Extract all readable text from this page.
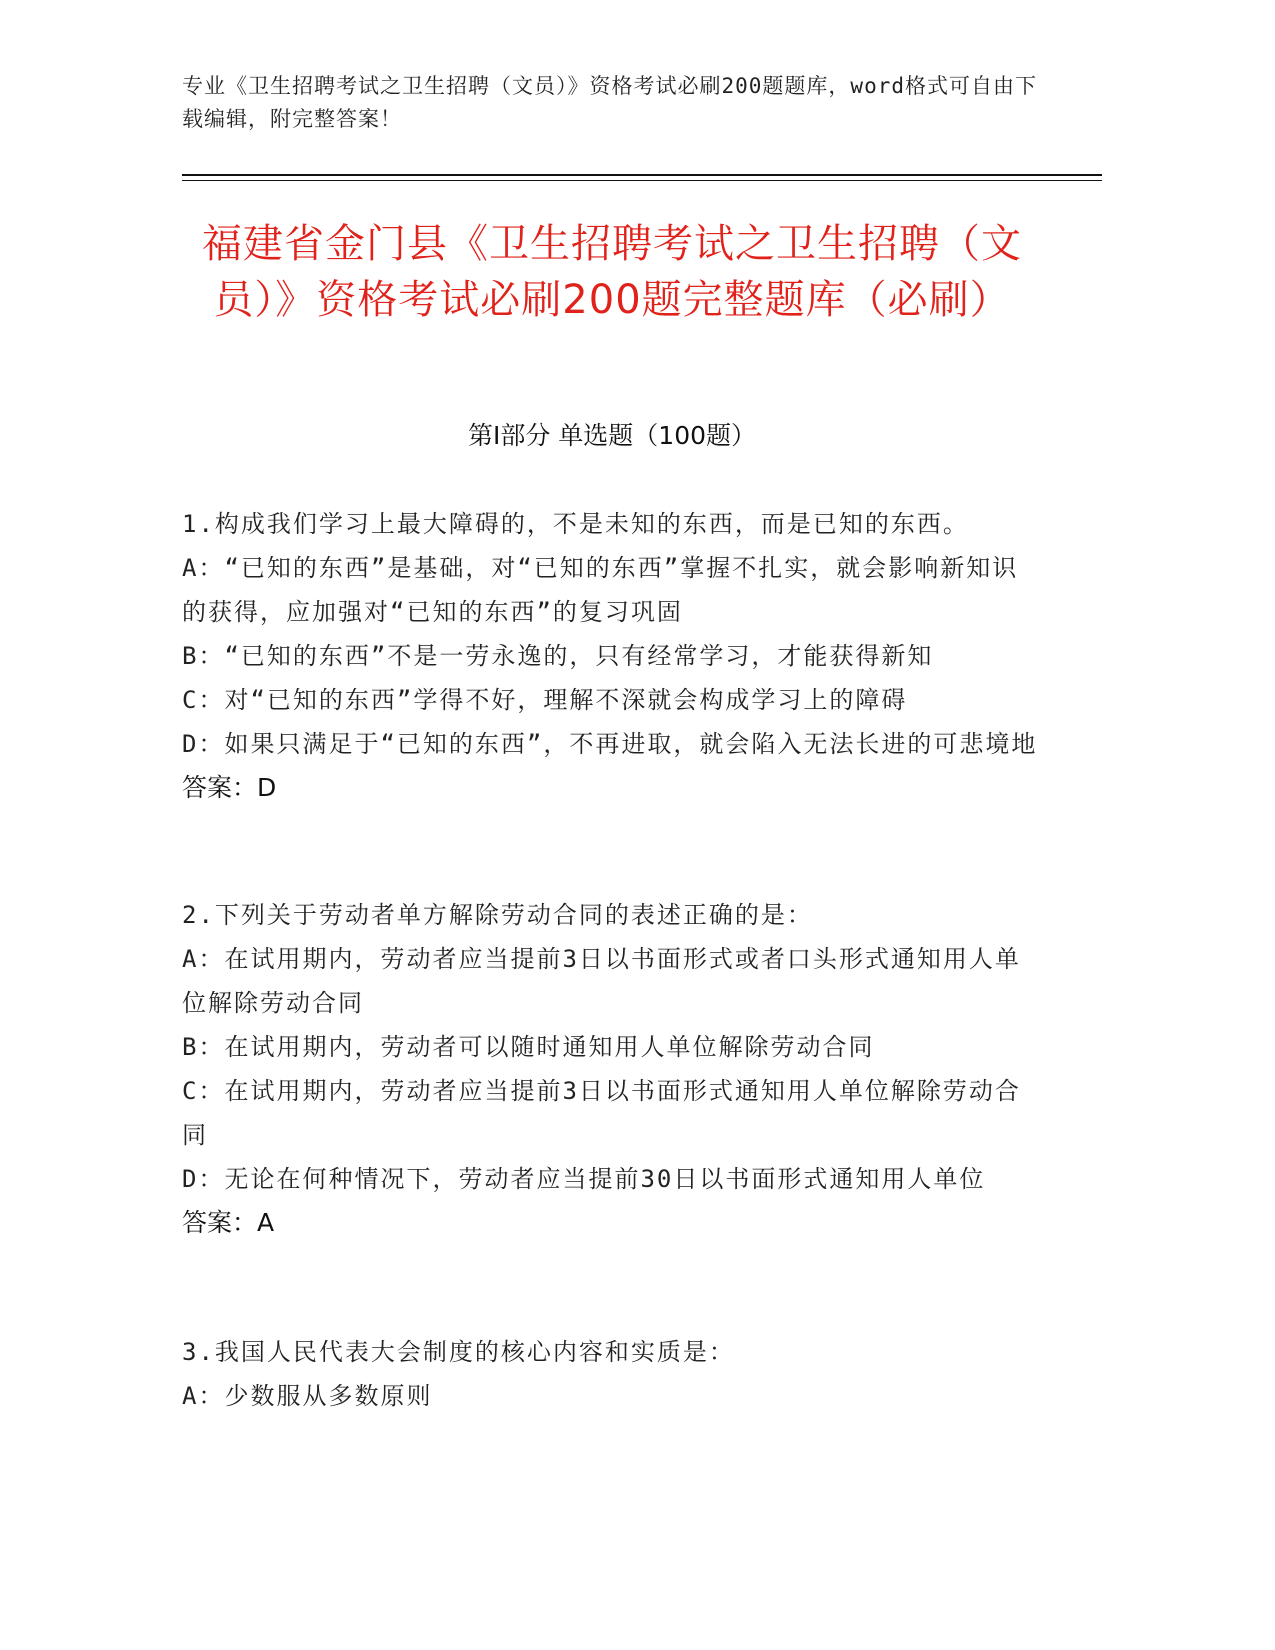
专业《卫生招聘考试之卫生招聘（文员）》资格考试必刷200题题库，word格式可自由下载编辑，附完整答案！
福建省金门县《卫生招聘考试之卫生招聘（文员）》资格考试必刷200题完整题库（必刷）
第I部分 单选题（100题）

1.构成我们学习上最大障碍的，不是未知的东西，而是已知的东西。

A：“已知的东西”是基础，对“已知的东西”掌握不扎实，就会影响新知识的获得，应加强对“已知的东西”的复习巩固

B：“已知的东西”不是一劳永逸的，只有经常学习，才能获得新知

C：对“已知的东西”学得不好，理解不深就会构成学习上的障碍

D：如果只满足于“已知的东西”，不再进取，就会陷入无法长进的可悲境地

答案：D

2.下列关于劳动者单方解除劳动合同的表述正确的是：

A：在试用期内，劳动者应当提前3日以书面形式或者口头形式通知用人单位解除劳动合同

B：在试用期内，劳动者可以随时通知用人单位解除劳动合同

C：在试用期内，劳动者应当提前3日以书面形式通知用人单位解除劳动合同

D：无论在何种情况下，劳动者应当提前30日以书面形式通知用人单位

答案：A

3.我国人民代表大会制度的核心内容和实质是：

A：少数服从多数原则
